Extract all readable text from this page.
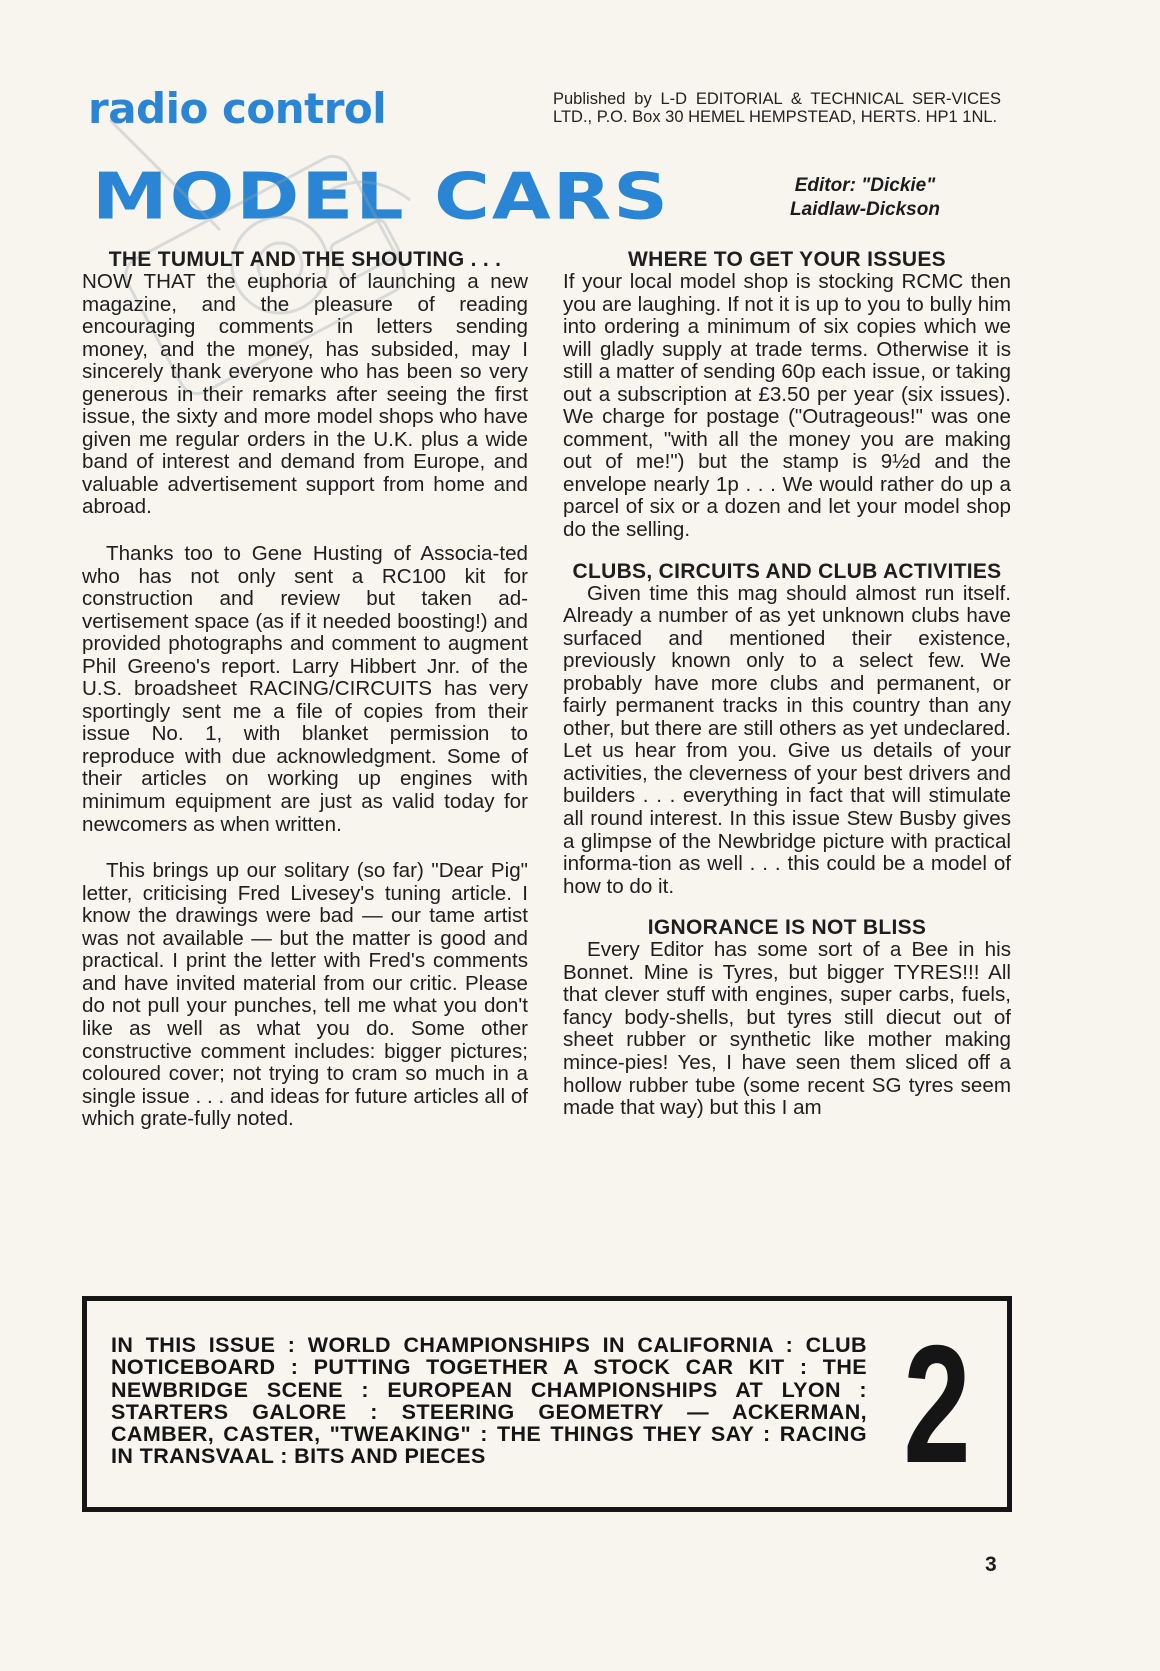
radio control
MODEL CARS
Published by L-D EDITORIAL & TECHNICAL SER-VICES LTD., P.O. Box 30 HEMEL HEMPSTEAD, HERTS. HP1 1NL.
Editor: "Dickie"
Laidlaw-Dickson
THE TUMULT AND THE SHOUTING . . .

NOW THAT the euphoria of launching a new magazine, and the pleasure of reading encouraging comments in letters sending money, and the money, has subsided, may I sincerely thank everyone who has been so very generous in their remarks after seeing the first issue, the sixty and more model shops who have given me regular orders in the U.K. plus a wide band of interest and demand from Europe, and valuable advertisement support from home and abroad.

Thanks too to Gene Husting of Associa-ted who has not only sent a RC100 kit for construction and review but taken ad-vertisement space (as if it needed boosting!) and provided photographs and comment to augment Phil Greeno's report. Larry Hibbert Jnr. of the U.S. broadsheet RACING/CIRCUITS has very sportingly sent me a file of copies from their issue No. 1, with blanket permission to reproduce with due acknowledgment. Some of their articles on working up engines with minimum equipment are just as valid today for newcomers as when written.

This brings up our solitary (so far) "Dear Pig" letter, criticising Fred Livesey's tuning article. I know the drawings were bad — our tame artist was not available — but the matter is good and practical. I print the letter with Fred's comments and have invited material from our critic. Please do not pull your punches, tell me what you don't like as well as what you do. Some other constructive comment includes: bigger pictures; coloured cover; not trying to cram so much in a single issue . . . and ideas for future articles all of which grate-fully noted.

WHERE TO GET YOUR ISSUES

If your local model shop is stocking RCMC then you are laughing. If not it is up to you to bully him into ordering a minimum of six copies which we will gladly supply at trade terms. Otherwise it is still a matter of sending 60p each issue, or taking out a subscription at £3.50 per year (six issues). We charge for postage ("Outrageous!" was one comment, "with all the money you are making out of me!") but the stamp is 9½d and the envelope nearly 1p . . . We would rather do up a parcel of six or a dozen and let your model shop do the selling.

CLUBS, CIRCUITS AND CLUB ACTIVITIES

Given time this mag should almost run itself. Already a number of as yet unknown clubs have surfaced and mentioned their existence, previously known only to a select few. We probably have more clubs and permanent, or fairly permanent tracks in this country than any other, but there are still others as yet undeclared. Let us hear from you. Give us details of your activities, the cleverness of your best drivers and builders . . . everything in fact that will stimulate all round interest. In this issue Stew Busby gives a glimpse of the Newbridge picture with practical informa-tion as well . . . this could be a model of how to do it.

IGNORANCE IS NOT BLISS

Every Editor has some sort of a Bee in his Bonnet. Mine is Tyres, but bigger TYRES!!! All that clever stuff with engines, super carbs, fuels, fancy body-shells, but tyres still diecut out of sheet rubber or synthetic like mother making mince-pies! Yes, I have seen them sliced off a hollow rubber tube (some recent SG tyres seem made that way) but this I am

IN THIS ISSUE : WORLD CHAMPIONSHIPS IN CALIFORNIA : CLUB NOTICEBOARD : PUTTING TOGETHER A STOCK CAR KIT : THE NEWBRIDGE SCENE : EUROPEAN CHAMPIONSHIPS AT LYON : STARTERS GALORE : STEERING GEOMETRY — ACKERMAN, CAMBER, CASTER, "TWEAKING" : THE THINGS THEY SAY : RACING IN TRANSVAAL : BITS AND PIECES	2
3
